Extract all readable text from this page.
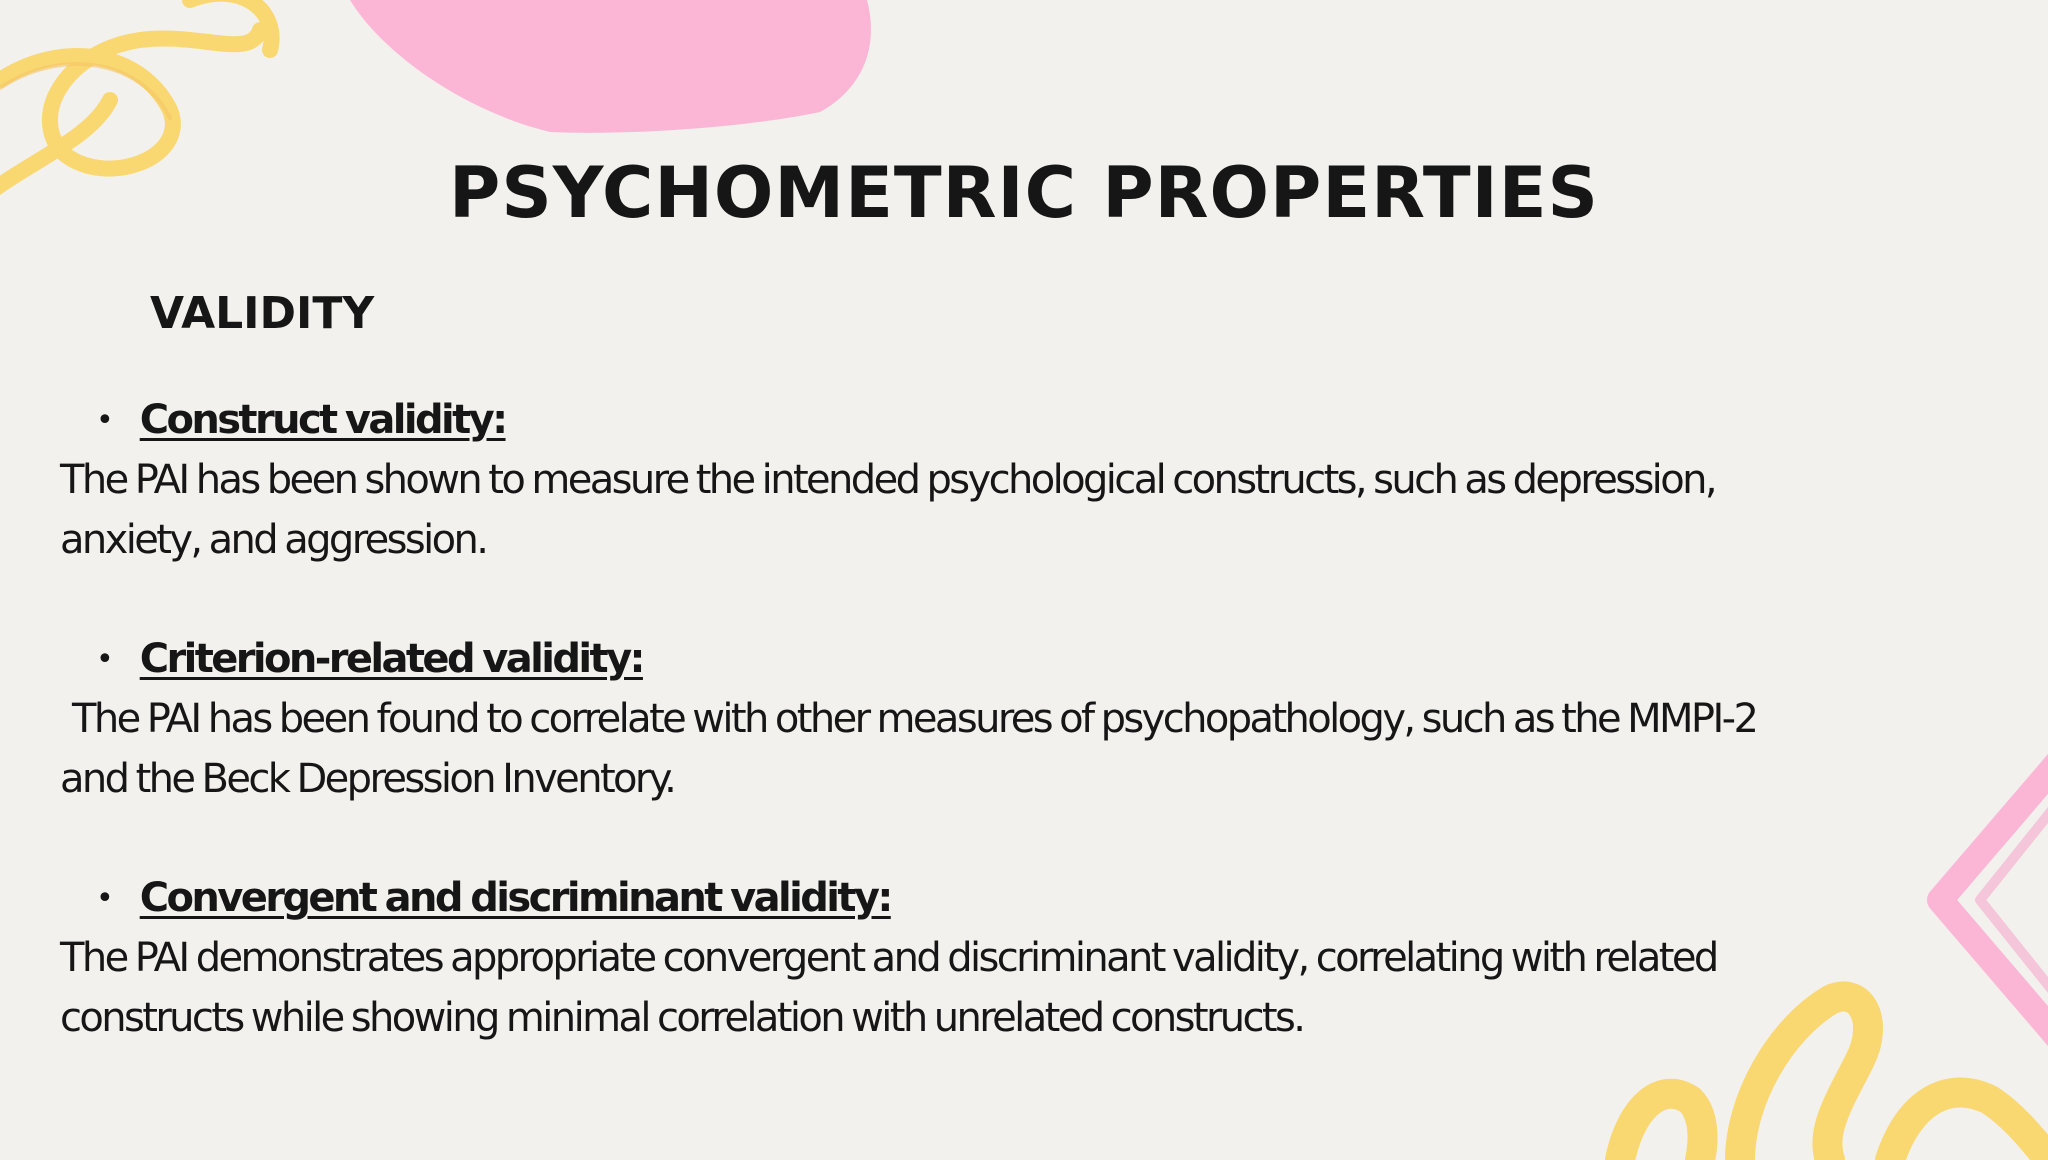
PSYCHOMETRIC PROPERTIES
VALIDITY
• Construct validity:

The PAI has been shown to measure the intended psychological constructs, such as depression, anxiety, and aggression.

• Criterion-related validity:

The PAI has been found to correlate with other measures of psychopathology, such as the MMPI-2 and the Beck Depression Inventory.

• Convergent and discriminant validity:

The PAI demonstrates appropriate convergent and discriminant validity, correlating with related constructs while showing minimal correlation with unrelated constructs.
